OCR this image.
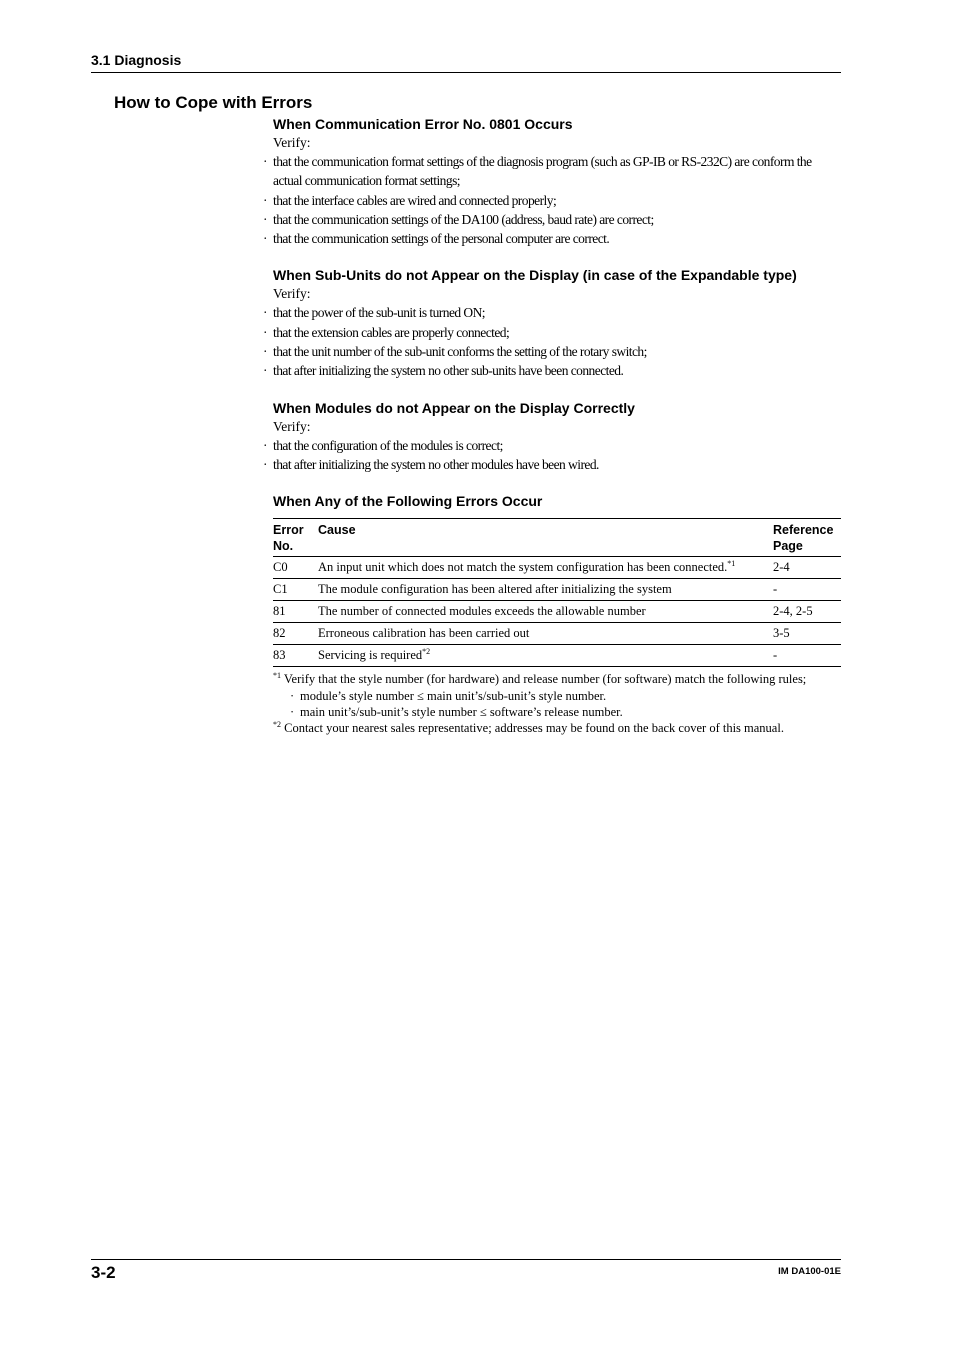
3.1 Diagnosis
How to Cope with Errors
When Communication Error No. 0801 Occurs

Verify:

· that the communication format settings of the diagnosis program (such as GP-IB or RS-232C) are conform the actual communication format settings;
· that the interface cables are wired and connected properly;
· that the communication settings of the DA100 (address, baud rate) are correct;
· that the communication settings of the personal computer are correct.
When Sub-Units do not Appear on the Display (in case of the Expandable type)

Verify:

· that the power of the sub-unit is turned ON;
· that the extension cables are properly connected;
· that the unit number of the sub-unit conforms the setting of the rotary switch;
· that after initializing the system no other sub-units have been connected.
When Modules do not Appear on the Display Correctly

Verify:

· that the configuration of the modules is correct;
· that after initializing the system no other modules have been wired.
When Any of the Following Errors Occur
Error No.	Cause	Reference Page
C0	An input unit which does not match the system configuration has been connected.$^{*1}$	2-4
C1	The module configuration has been altered after initializing the system	-
81	The number of connected modules exceeds the allowable number	2-4, 2-5
82	Erroneous calibration has been carried out	3-5
83	Servicing is required$^{*2}$	-
$^{*1}$ Verify that the style number (for hardware) and release number (for software) match the following rules;
· module’s style number ≤ main unit’s/sub-unit’s style number.
· main unit’s/sub-unit’s style number ≤ software’s release number.
$^{*2}$ Contact your nearest sales representative; addresses may be found on the back cover of this manual.
3-2	IM DA100-01E
